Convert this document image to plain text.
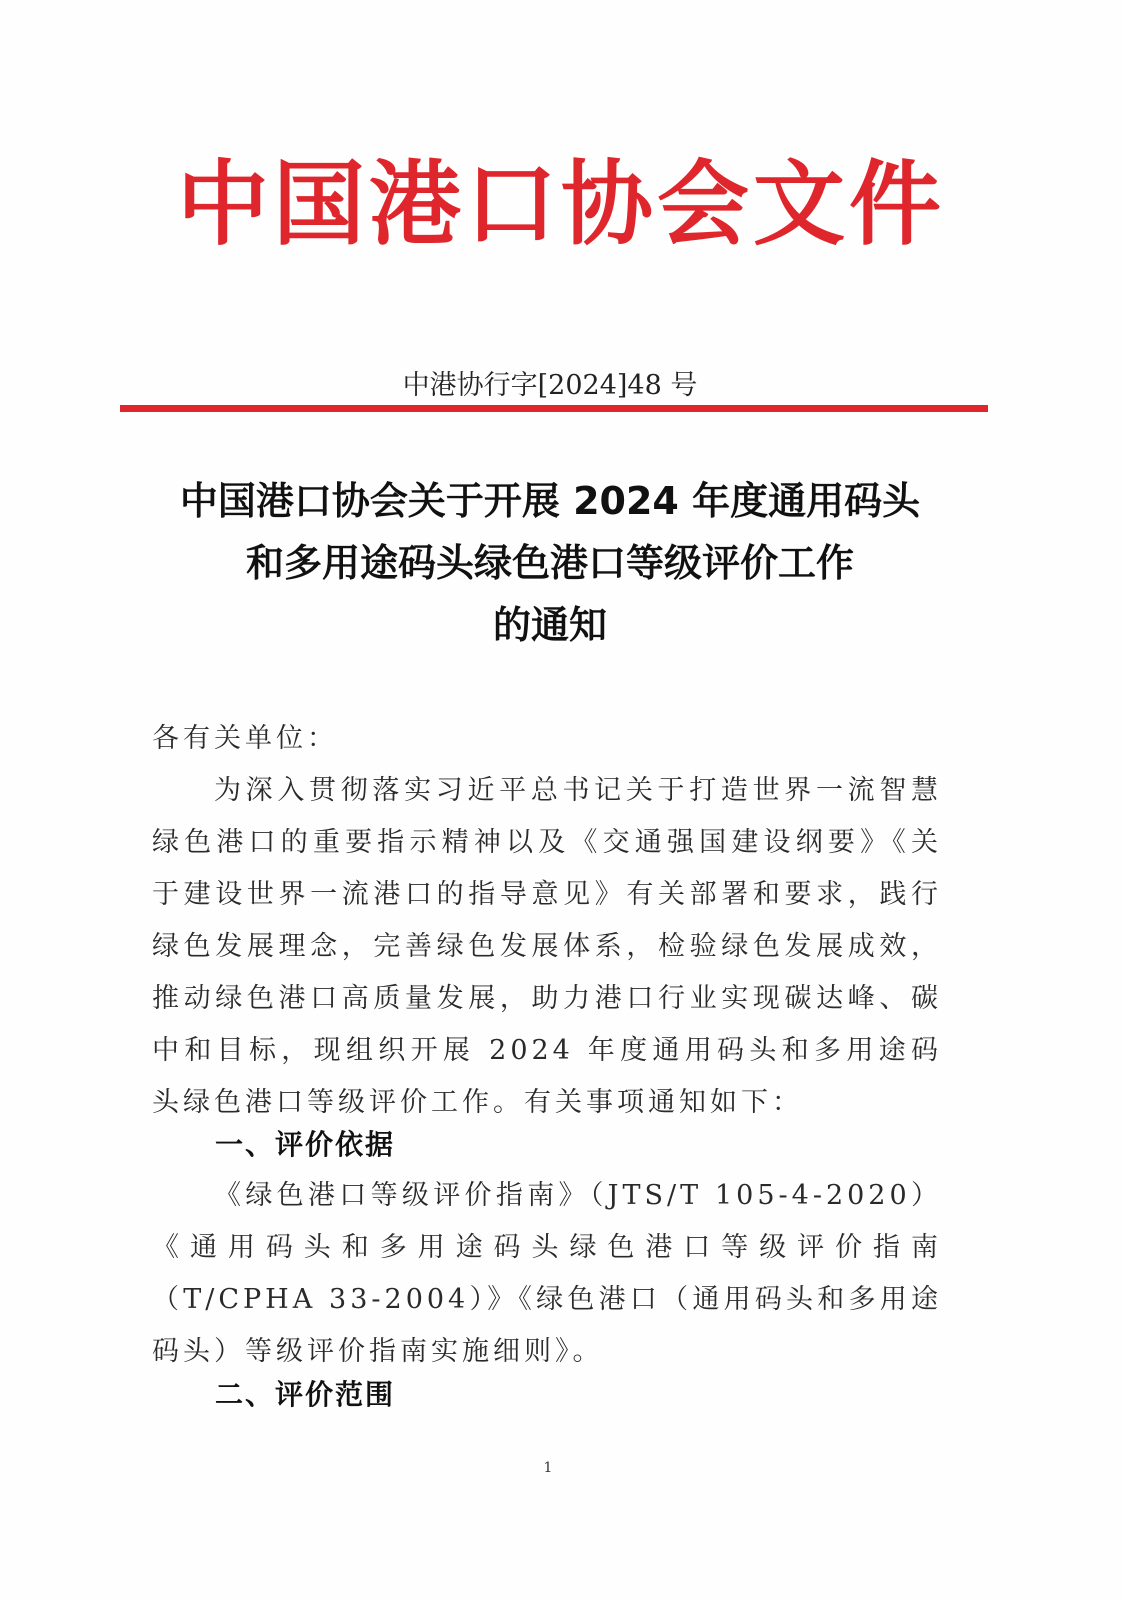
中国港口协会文件
中港协行字[2024]48 号
中国港口协会关于开展 2024 年度通用码头
和多用途码头绿色港口等级评价工作
的通知
各有关单位：
为深入贯彻落实习近平总书记关于打造世界一流智慧绿色港口的重要指示精神以及《交通强国建设纲要》《关于建设世界一流港口的指导意见》有关部署和要求，践行绿色发展理念，完善绿色发展体系，检验绿色发展成效，推动绿色港口高质量发展，助力港口行业实现碳达峰、碳中和目标，现组织开展 2024 年度通用码头和多用途码头绿色港口等级评价工作。有关事项通知如下：
一、评价依据
《绿色港口等级评价指南》（JTS/T 105-4-2020）《通用码头和多用途码头绿色港口等级评价指南（T/CPHA 33-2004）》《绿色港口（通用码头和多用途码头）等级评价指南实施细则》。
二、评价范围
1
